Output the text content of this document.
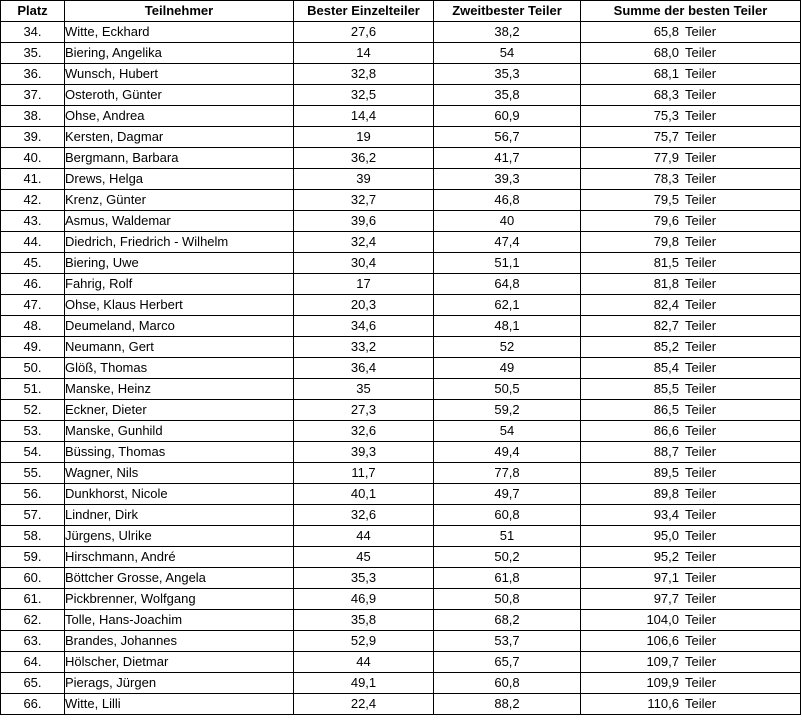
Platz	Teilnehmer	Bester Einzelteiler	Zweitbester Teiler	Summe der besten Teiler
34.	Witte, Eckhard	27,6	38,2	65,8 Teiler
35.	Biering, Angelika	14	54	68,0 Teiler
36.	Wunsch, Hubert	32,8	35,3	68,1 Teiler
37.	Osteroth, Günter	32,5	35,8	68,3 Teiler
38.	Ohse, Andrea	14,4	60,9	75,3 Teiler
39.	Kersten, Dagmar	19	56,7	75,7 Teiler
40.	Bergmann, Barbara	36,2	41,7	77,9 Teiler
41.	Drews, Helga	39	39,3	78,3 Teiler
42.	Krenz, Günter	32,7	46,8	79,5 Teiler
43.	Asmus, Waldemar	39,6	40	79,6 Teiler
44.	Diedrich, Friedrich - Wilhelm	32,4	47,4	79,8 Teiler
45.	Biering, Uwe	30,4	51,1	81,5 Teiler
46.	Fahrig, Rolf	17	64,8	81,8 Teiler
47.	Ohse, Klaus Herbert	20,3	62,1	82,4 Teiler
48.	Deumeland, Marco	34,6	48,1	82,7 Teiler
49.	Neumann, Gert	33,2	52	85,2 Teiler
50.	Glöß, Thomas	36,4	49	85,4 Teiler
51.	Manske, Heinz	35	50,5	85,5 Teiler
52.	Eckner, Dieter	27,3	59,2	86,5 Teiler
53.	Manske, Gunhild	32,6	54	86,6 Teiler
54.	Büssing, Thomas	39,3	49,4	88,7 Teiler
55.	Wagner, Nils	11,7	77,8	89,5 Teiler
56.	Dunkhorst, Nicole	40,1	49,7	89,8 Teiler
57.	Lindner, Dirk	32,6	60,8	93,4 Teiler
58.	Jürgens, Ulrike	44	51	95,0 Teiler
59.	Hirschmann, André	45	50,2	95,2 Teiler
60.	Böttcher Grosse, Angela	35,3	61,8	97,1 Teiler
61.	Pickbrenner, Wolfgang	46,9	50,8	97,7 Teiler
62.	Tolle, Hans-Joachim	35,8	68,2	104,0 Teiler
63.	Brandes, Johannes	52,9	53,7	106,6 Teiler
64.	Hölscher, Dietmar	44	65,7	109,7 Teiler
65.	Pierags, Jürgen	49,1	60,8	109,9 Teiler
66.	Witte, Lilli	22,4	88,2	110,6 Teiler
